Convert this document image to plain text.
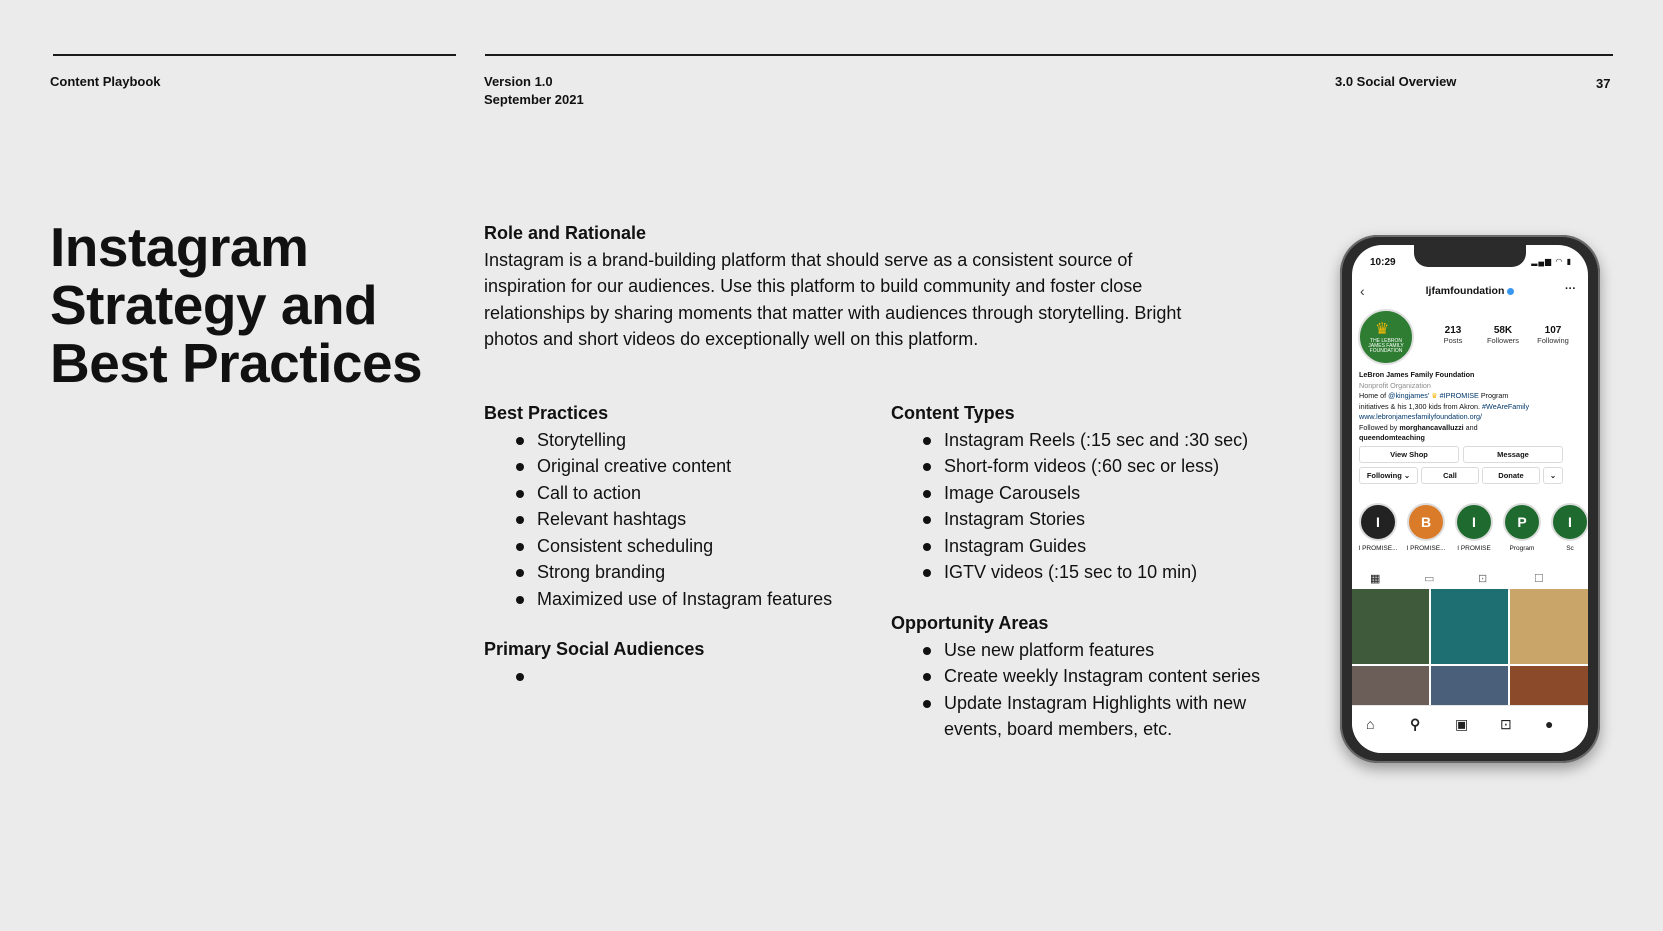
Content Playbook	Version 1.0
September 2021
3.0 Social Overview	37
Instagram Strategy and Best Practices
Role and Rationale

Instagram is a brand-building platform that should serve as a consistent source of inspiration for our audiences. Use this platform to build community and foster close relationships by sharing moments that matter with audiences through storytelling. Bright photos and short videos do exceptionally well on this platform.

Best Practices
Storytelling
Original creative content
Call to action
Relevant hashtags
Consistent scheduling
Strong branding
Maximized use of Instagram features
Primary Social Audiences
Content Types
Instagram Reels (:15 sec and :30 sec)
Short-form videos (:60 sec or less)
Image Carousels
Instagram Stories
Instagram Guides
IGTV videos (:15 sec to 10 min)
Opportunity Areas
Use new platform features
Create weekly Instagram content series
Update Instagram Highlights with new events, board members, etc.
10:29	▂▄▆ ◠ ▮
‹	ljfamfoundation	···
♛
THE LEBRON JAMES FAMILY FOUNDATION
213
Posts
58K
Followers
107
Following
LeBron James Family Foundation
Nonprofit Organization
Home of @kingjames' ♛ #IPROMISE Program
initiatives & his 1,300 kids from Akron. #WeAreFamily
www.lebronjamesfamilyfoundation.org/
Followed by morghancavalluzzi and
queendomteaching
View Shop	Message
Following ⌄	Call	Donate	⌄
I
I PROMISE...
B
I PROMISE...
I
I PROMISE
P
Program
I
Sc
▦	▭	⊡	☐
⌂	⚲ ▣ ⊡ ●
